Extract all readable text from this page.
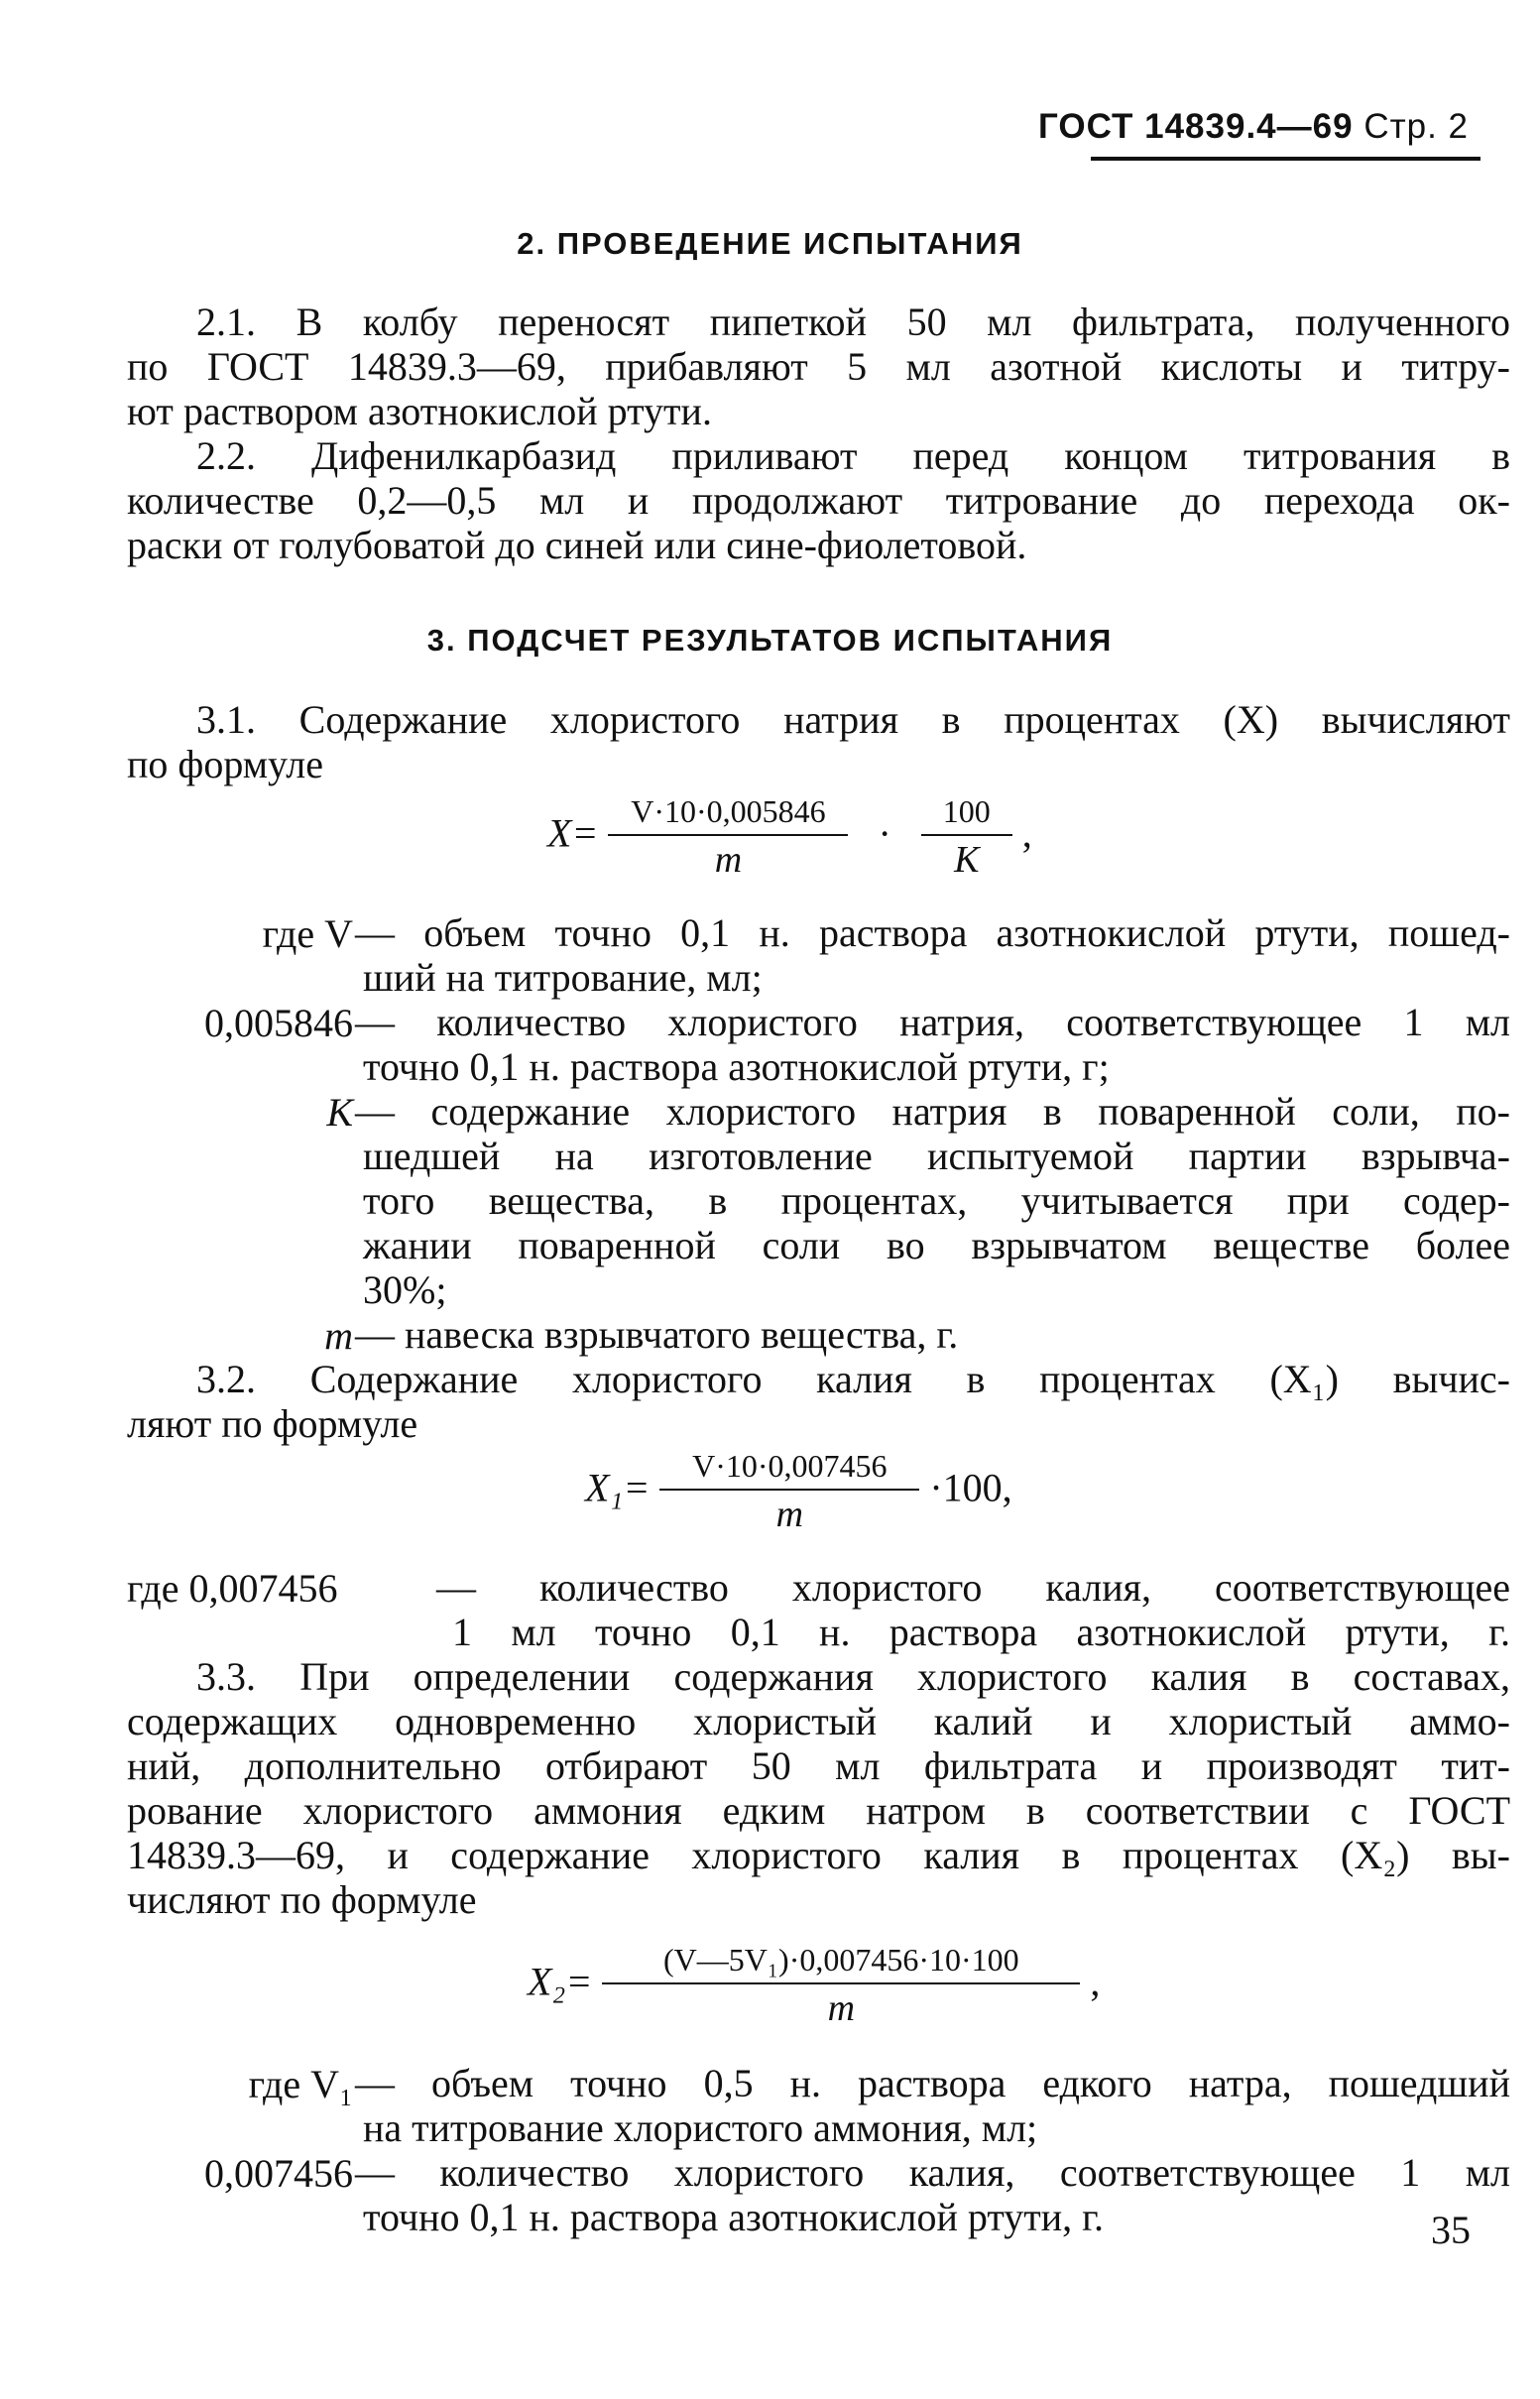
ГОСТ 14839.4—69 Стр. 2
2. ПРОВЕДЕНИЕ ИСПЫТАНИЯ
2.1. В колбу переносят пипеткой 50 мл фильтрата, полученного
по ГОСТ 14839.3—69, прибавляют 5 мл азотной кислоты и титру-
ют раствором азотнокислой ртути.
2.2. Дифенилкарбазид приливают перед концом титрования в
количестве 0,2—0,5 мл и продолжают титрование до перехода ок-
раски от голубоватой до синей или сине-фиолетовой.
3. ПОДСЧЕТ РЕЗУЛЬТАТОВ ИСПЫТАНИЯ
3.1. Содержание хлористого натрия в процентах (X) вычисляют
по формуле
$X= \frac{V\cdot 10\cdot 0,005846}{m} \cdot \frac{100}{K}$ ,
где V — объем точно 0,1 н. раствора азотнокислой ртути, пошед-
ший на титрование, мл;
0,005846 — количество хлористого натрия, соответствующее 1 мл
точно 0,1 н. раствора азотнокислой ртути, г;
K — содержание хлористого натрия в поваренной соли, по-
шедшей на изготовление испытуемой партии взрывча-
того вещества, в процентах, учитывается при содер-
жании поваренной соли во взрывчатом веществе более
30%;
m — навеска взрывчатого вещества, г.
3.2. Содержание хлористого калия в процентах (X₁) вычис-
ляют по формуле
$X_1= \frac{V\cdot 10\cdot 0,007456}{m} \cdot 100$,
где 0,007456	— количество хлористого калия, соответствующее
1 мл точно 0,1 н. раствора азотнокислой ртути, г.
3.3. При определении содержания хлористого калия в составах,
содержащих одновременно хлористый калий и хлористый аммо-
ний, дополнительно отбирают 50 мл фильтрата и производят тит-
рование хлористого аммония едким натром в соответствии с ГОСТ
14839.3—69, и содержание хлористого калия в процентах (X₂) вы-
числяют по формуле
$X_2= \frac{\text{(V—5V₁)·0,007456·10·100}}{m}$ ,
где V₁ — объем точно 0,5 н. раствора едкого натра, пошедший
на титрование хлористого аммония, мл;
0,007456 — количество хлористого калия, соответствующее 1 мл
точно 0,1 н. раствора азотнокислой ртути, г.	35
